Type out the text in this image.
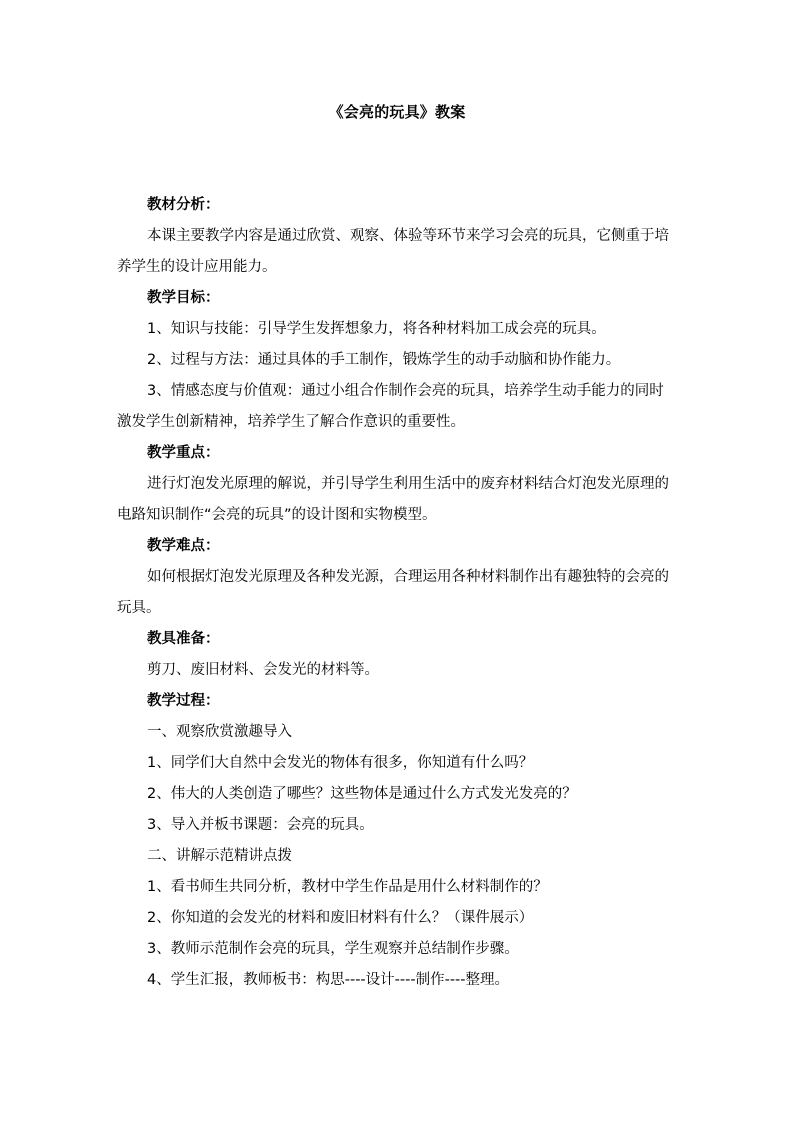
《会亮的玩具》教案

教材分析：

本课主要教学内容是通过欣赏、观察、体验等环节来学习会亮的玩具，它侧重于培养学生的设计应用能力。

教学目标：

1、知识与技能：引导学生发挥想象力，将各种材料加工成会亮的玩具。

2、过程与方法：通过具体的手工制作，锻炼学生的动手动脑和协作能力。

3、情感态度与价值观：通过小组合作制作会亮的玩具，培养学生动手能力的同时激发学生创新精神，培养学生了解合作意识的重要性。

教学重点：

进行灯泡发光原理的解说，并引导学生利用生活中的废弃材料结合灯泡发光原理的电路知识制作“会亮的玩具”的设计图和实物模型。

教学难点：

如何根据灯泡发光原理及各种发光源，合理运用各种材料制作出有趣独特的会亮的玩具。

教具准备：

剪刀、废旧材料、会发光的材料等。

教学过程：

一、观察欣赏激趣导入

1、同学们大自然中会发光的物体有很多，你知道有什么吗？

2、伟大的人类创造了哪些？这些物体是通过什么方式发光发亮的？

3、导入并板书课题：会亮的玩具。

二、讲解示范精讲点拨

1、看书师生共同分析，教材中学生作品是用什么材料制作的？

2、你知道的会发光的材料和废旧材料有什么？（课件展示）

3、教师示范制作会亮的玩具，学生观察并总结制作步骤。

4、学生汇报，教师板书：构思----设计----制作----整理。
